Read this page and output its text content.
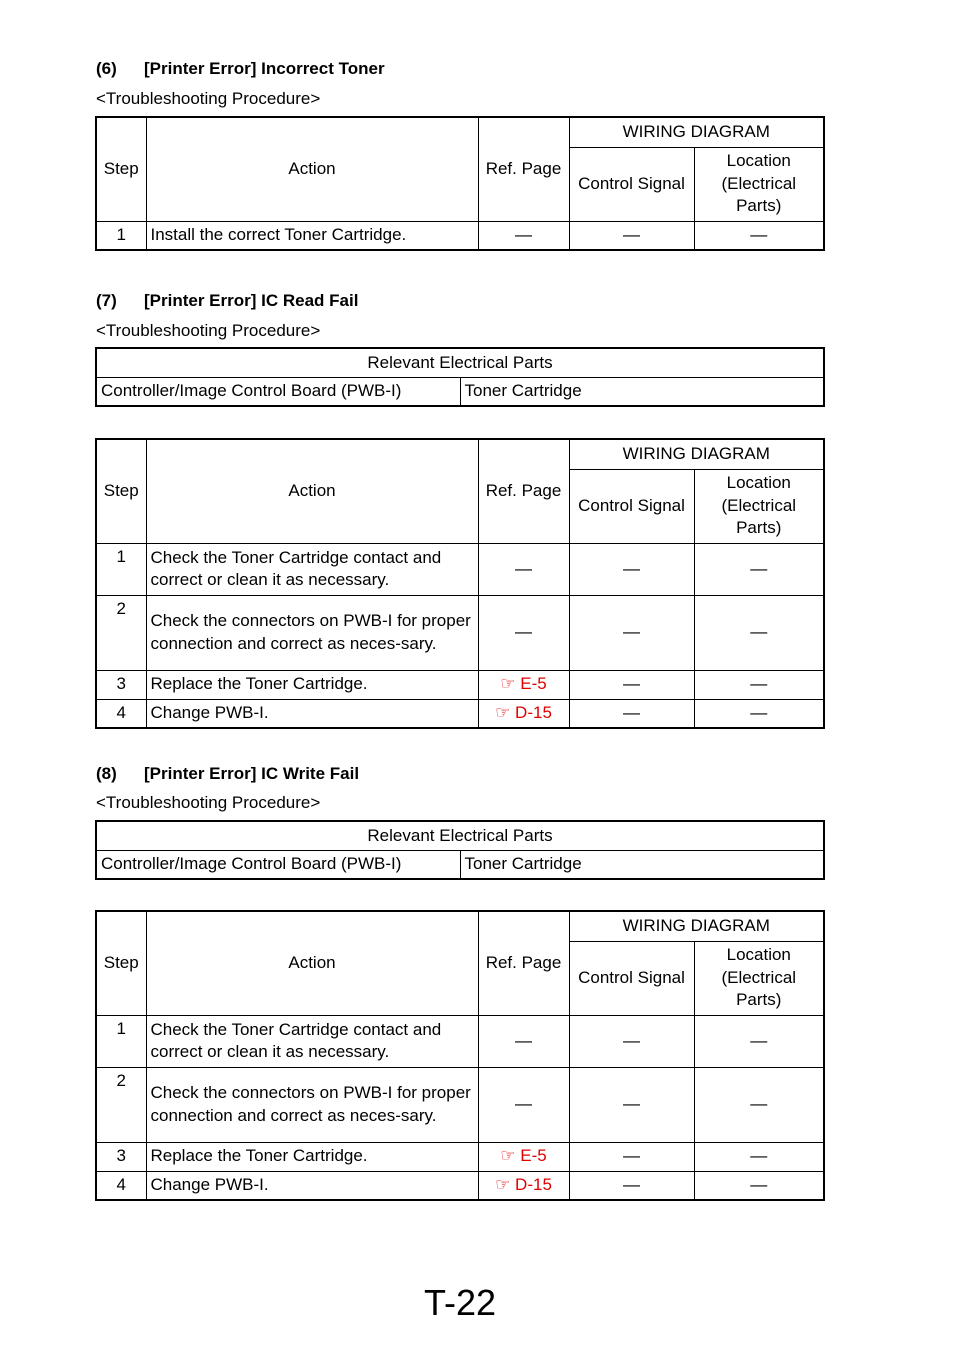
(6) [Printer Error] Incorrect Toner
<Troubleshooting Procedure>
Step	Action	Ref. Page	WIRING DIAGRAM	
			Control Signal	Location (Electrical Parts)
1	Install the correct Toner Cartridge.	—	—	—
(7) [Printer Error] IC Read Fail
<Troubleshooting Procedure>
Relevant Electrical Parts
Controller/Image Control Board (PWB-I)	Toner Cartridge
Step	Action	Ref. Page	WIRING DIAGRAM	
			Control Signal	Location (Electrical Parts)
1	Check the Toner Cartridge contact and correct or clean it as necessary.	—	—	—
2	Check the connectors on PWB-I for proper connection and correct as neces-sary.	—	—	—
3	Replace the Toner Cartridge.	☞ E-5	—	—
4	Change PWB-I.	☞ D-15	—	—
(8) [Printer Error] IC Write Fail
<Troubleshooting Procedure>
Relevant Electrical Parts
Controller/Image Control Board (PWB-I)	Toner Cartridge
Step	Action	Ref. Page	WIRING DIAGRAM	
			Control Signal	Location (Electrical Parts)
1	Check the Toner Cartridge contact and correct or clean it as necessary.	—	—	—
2	Check the connectors on PWB-I for proper connection and correct as neces-sary.	—	—	—
3	Replace the Toner Cartridge.	☞ E-5	—	—
4	Change PWB-I.	☞ D-15	—	—
T-22
